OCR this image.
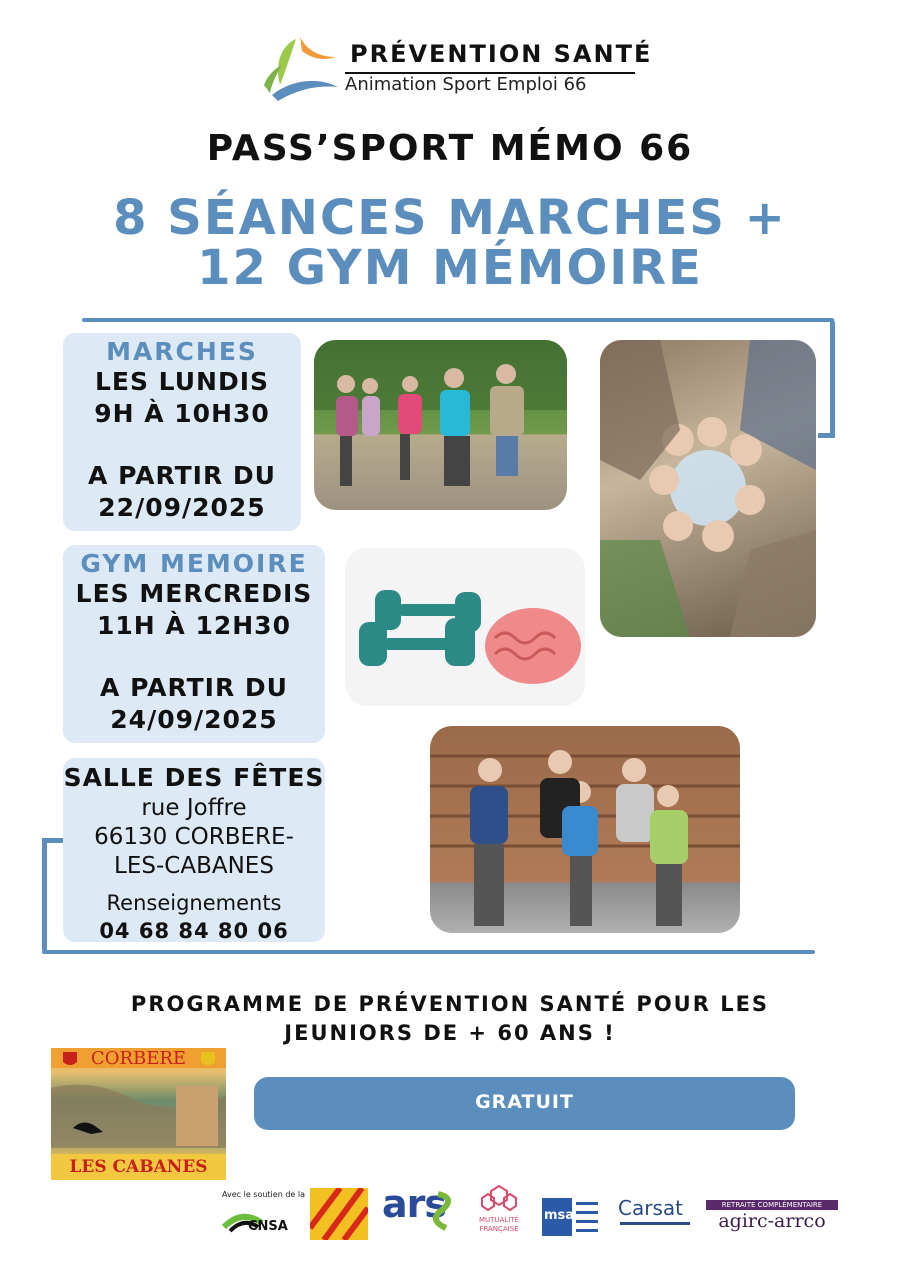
PRÉVENTION SANTÉ
Animation Sport Emploi 66
PASS’SPORT MÉMO 66
8 SÉANCES MARCHES +
12 GYM MÉMOIRE
MARCHES
LES LUNDIS
9H À 10H30
A PARTIR DU
22/09/2025
GYM MEMOIRE
LES MERCREDIS
11H À 12H30
A PARTIR DU
24/09/2025
SALLE DES FÊTES
rue Joffre
66130 CORBERE-
LES-CABANES
Renseignements
04 68 84 80 06
PROGRAMME DE PRÉVENTION SANTÉ POUR LES
JEUNIORS DE + 60 ANS !
CORBERE
LES CABANES
GRATUIT
Avec le soutien de la
CNSA
ars	MUTUALITÉ FRANÇAISE
msa Carsat	RETRAITE COMPLÉMENTAIRE
agirc-arrco
